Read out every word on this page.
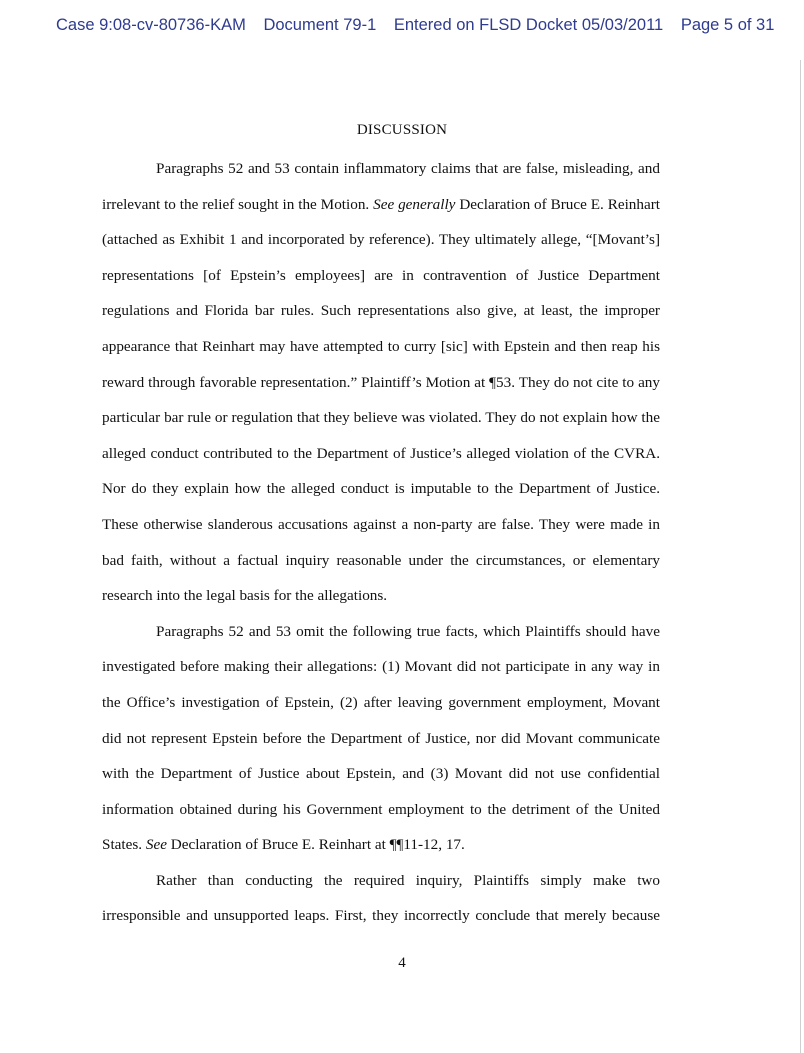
Case 9:08-cv-80736-KAM Document 79-1 Entered on FLSD Docket 05/03/2011 Page 5 of 31
DISCUSSION

Paragraphs 52 and 53 contain inflammatory claims that are false, misleading, and irrelevant to the relief sought in the Motion. See generally Declaration of Bruce E. Reinhart (attached as Exhibit 1 and incorporated by reference). They ultimately allege, “[Movant’s] representations [of Epstein’s employees] are in contravention of Justice Department regulations and Florida bar rules. Such representations also give, at least, the improper appearance that Reinhart may have attempted to curry [sic] with Epstein and then reap his reward through favorable representation.” Plaintiff’s Motion at ¶53. They do not cite to any particular bar rule or regulation that they believe was violated. They do not explain how the alleged conduct contributed to the Department of Justice’s alleged violation of the CVRA. Nor do they explain how the alleged conduct is imputable to the Department of Justice. These otherwise slanderous accusations against a non-party are false. They were made in bad faith, without a factual inquiry reasonable under the circumstances, or elementary research into the legal basis for the allegations.

Paragraphs 52 and 53 omit the following true facts, which Plaintiffs should have investigated before making their allegations: (1) Movant did not participate in any way in the Office’s investigation of Epstein, (2) after leaving government employment, Movant did not represent Epstein before the Department of Justice, nor did Movant communicate with the Department of Justice about Epstein, and (3) Movant did not use confidential information obtained during his Government employment to the detriment of the United States. See Declaration of Bruce E. Reinhart at ¶¶11-12, 17.

Rather than conducting the required inquiry, Plaintiffs simply make two irresponsible and unsupported leaps. First, they incorrectly conclude that merely because

4
